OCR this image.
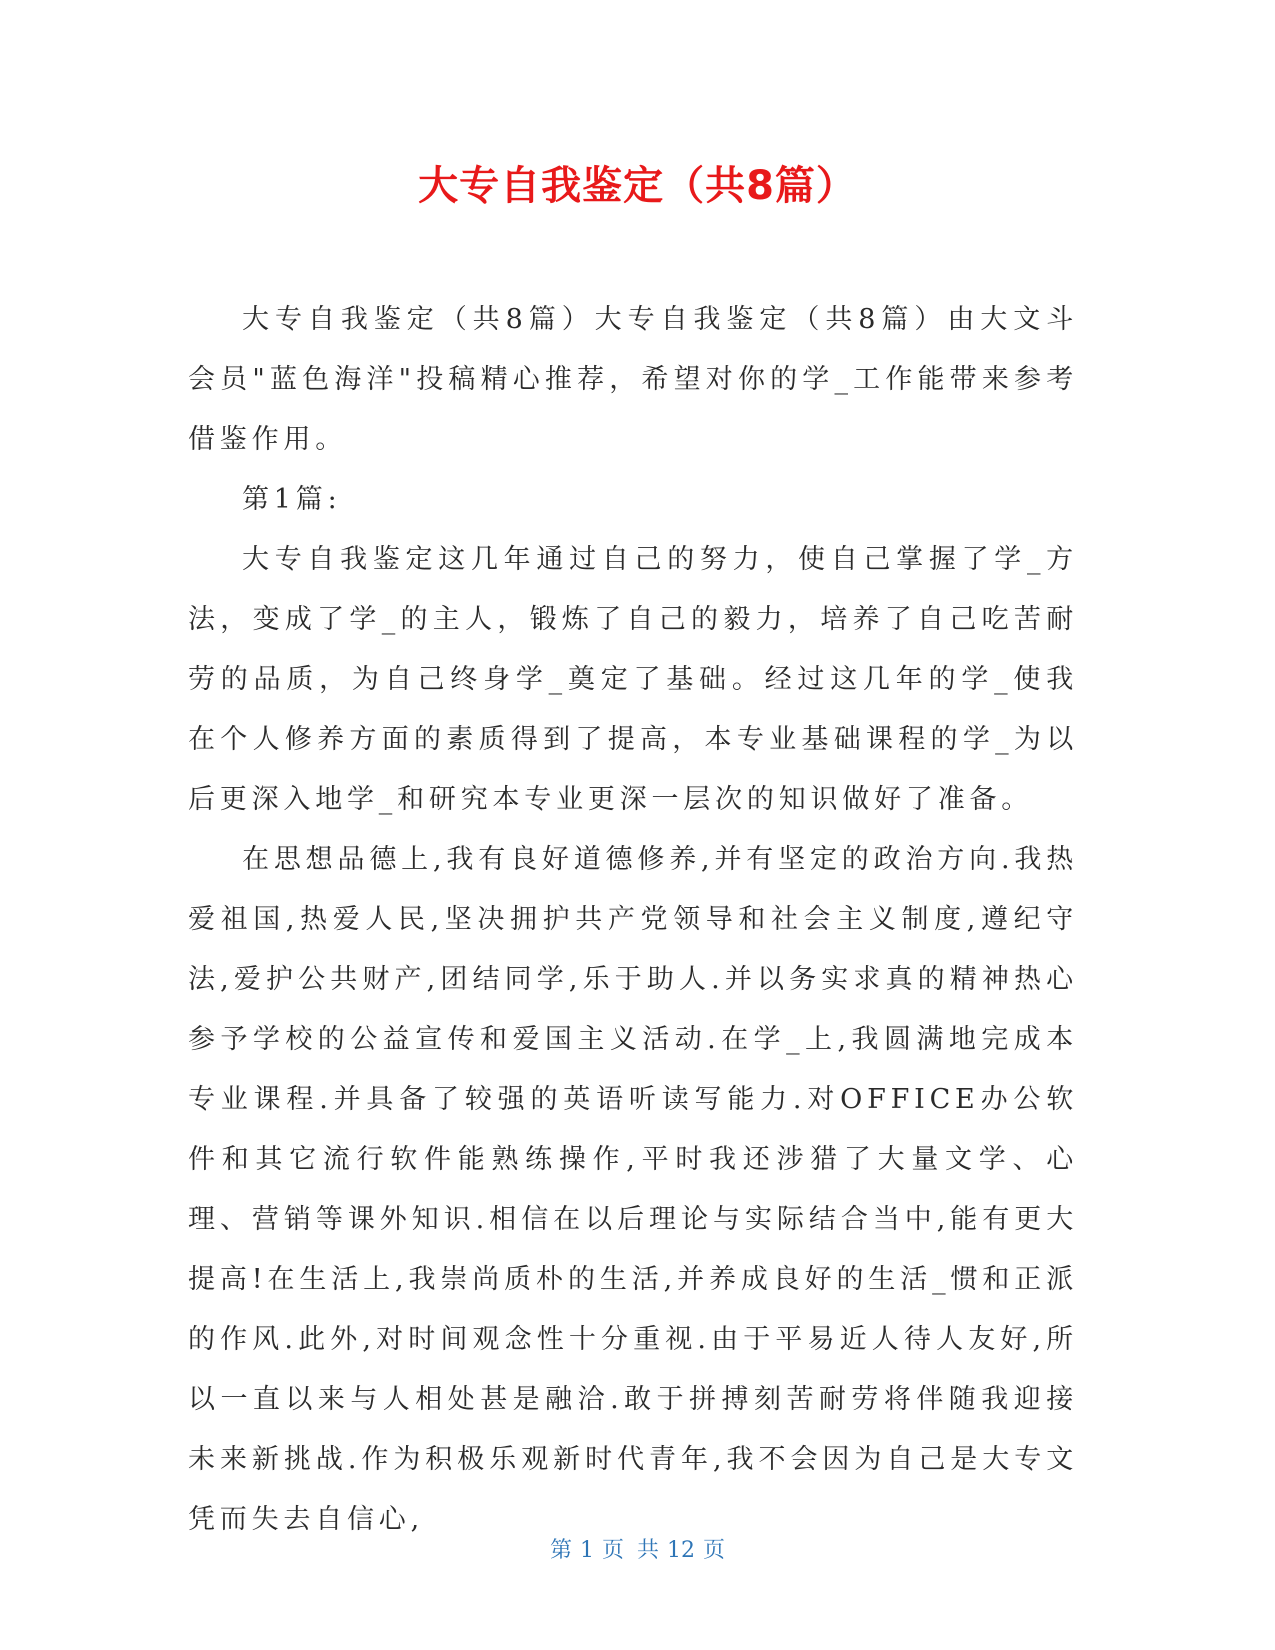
大专自我鉴定（共8篇）

大专自我鉴定（共8篇）大专自我鉴定（共8篇）由大文斗会员"蓝色海洋"投稿精心推荐，希望对你的学_工作能带来参考借鉴作用。

第1篇:

大专自我鉴定这几年通过自己的努力，使自己掌握了学_方法，变成了学_的主人，锻炼了自己的毅力，培养了自己吃苦耐劳的品质，为自己终身学_奠定了基础。经过这几年的学_使我在个人修养方面的素质得到了提高，本专业基础课程的学_为以后更深入地学_和研究本专业更深一层次的知识做好了准备。

在思想品德上,我有良好道德修养,并有坚定的政治方向.我热爱祖国,热爱人民,坚决拥护共产党领导和社会主义制度,遵纪守法,爱护公共财产,团结同学,乐于助人.并以务实求真的精神热心参予学校的公益宣传和爱国主义活动.在学_上,我圆满地完成本专业课程.并具备了较强的英语听读写能力.对OFFICE办公软件和其它流行软件能熟练操作,平时我还涉猎了大量文学、心理、营销等课外知识.相信在以后理论与实际结合当中,能有更大提高!在生活上,我崇尚质朴的生活,并养成良好的生活_惯和正派的作风.此外,对时间观念性十分重视.由于平易近人待人友好,所以一直以来与人相处甚是融洽.敢于拼搏刻苦耐劳将伴随我迎接未来新挑战.作为积极乐观新时代青年,我不会因为自己是大专文凭而失去自信心,

第 1 页 共 12 页
